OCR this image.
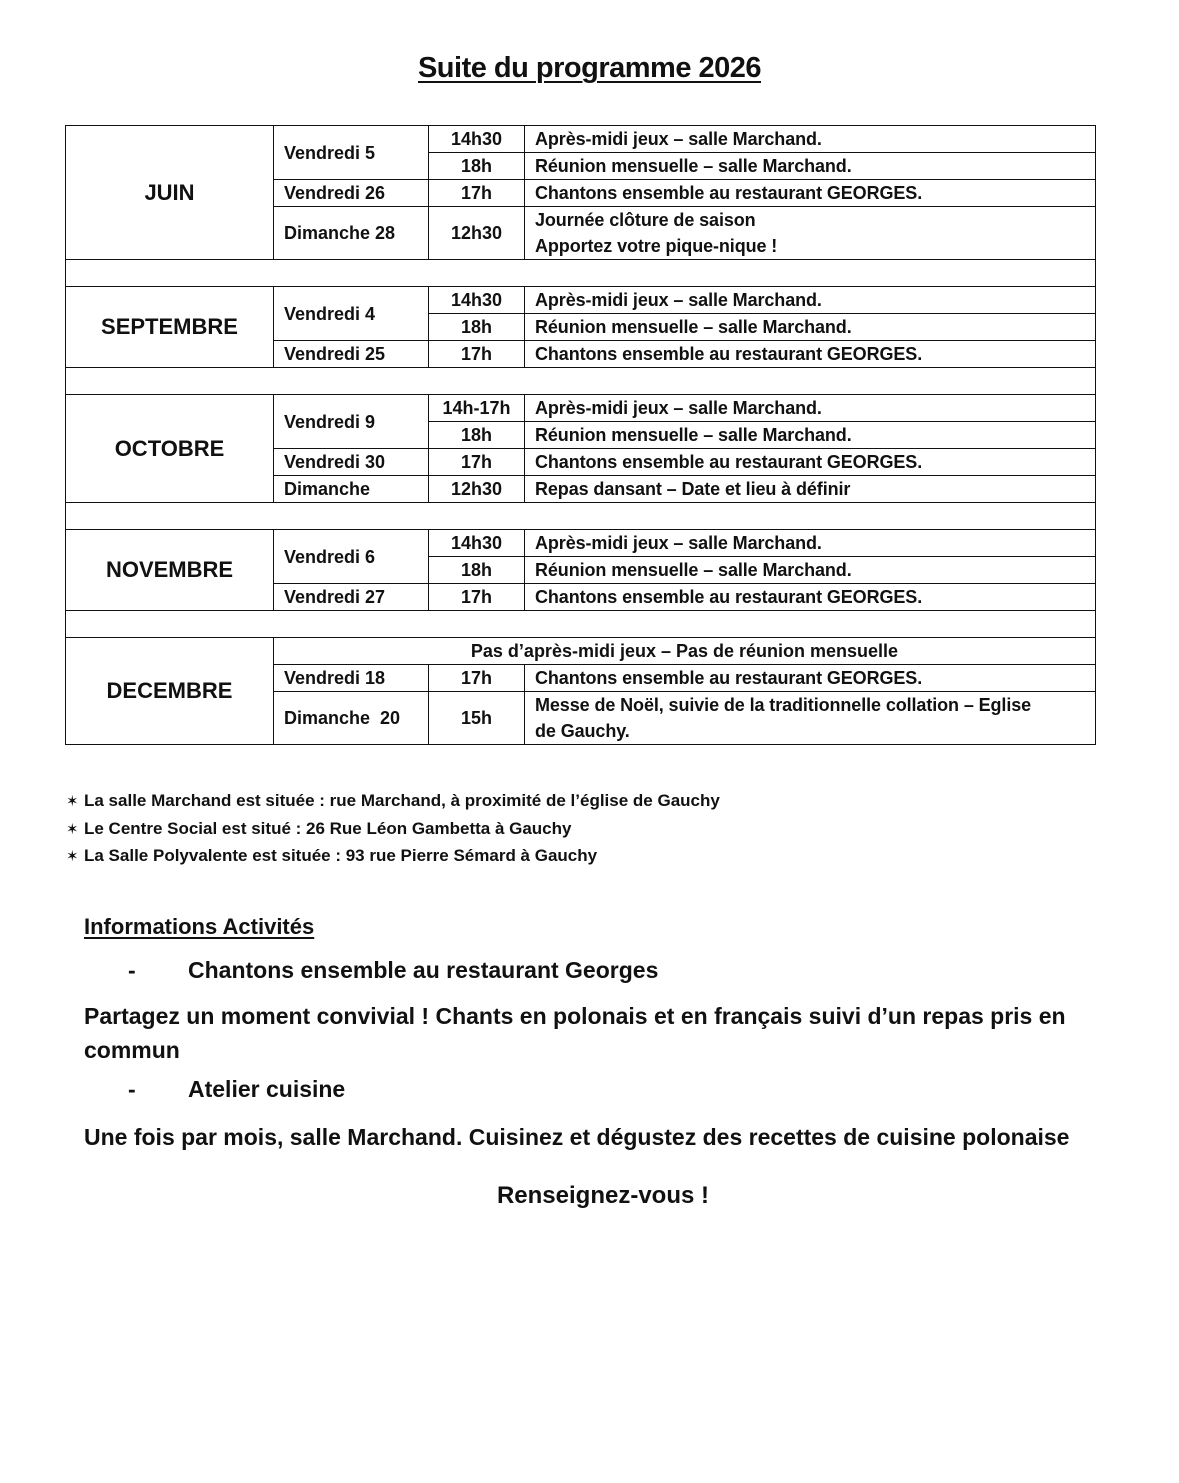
Suite du programme 2026
JUIN	Vendredi 5	14h30	Après-midi jeux – salle Marchand.
		18h	Réunion mensuelle – salle Marchand.
	Vendredi 26	17h	Chantons ensemble au restaurant GEORGES.
	Dimanche 28	12h30	Journée clôture de saison
Apportez votre pique-nique !

SEPTEMBRE	Vendredi 4	14h30	Après-midi jeux – salle Marchand.
		18h	Réunion mensuelle – salle Marchand.
	Vendredi 25	17h	Chantons ensemble au restaurant GEORGES.

OCTOBRE	Vendredi 9	14h-17h	Après-midi jeux – salle Marchand.
		18h	Réunion mensuelle – salle Marchand.
	Vendredi 30	17h	Chantons ensemble au restaurant GEORGES.
	Dimanche	12h30	Repas dansant – Date et lieu à définir

NOVEMBRE	Vendredi 6	14h30	Après-midi jeux – salle Marchand.
		18h	Réunion mensuelle – salle Marchand.
	Vendredi 27	17h	Chantons ensemble au restaurant GEORGES.

DECEMBRE	Pas d’après-midi jeux – Pas de réunion mensuelle		
	Vendredi 18	17h	Chantons ensemble au restaurant GEORGES.
	Dimanche  20	15h	Messe de Noël, suivie de la traditionnelle collation – Eglise
de Gauchy.

✶ La salle Marchand est située : rue Marchand, à proximité de l’église de Gauchy
✶ Le Centre Social est situé : 26 Rue Léon Gambetta à Gauchy
✶ La Salle Polyvalente est située : 93 rue Pierre Sémard à Gauchy
Informations Activités
- Chantons ensemble au restaurant Georges
Partagez un moment convivial ! Chants en polonais et en français suivi d’un repas pris en commun
- Atelier cuisine
Une fois par mois, salle Marchand. Cuisinez et dégustez des recettes de cuisine polonaise
Renseignez-vous !
